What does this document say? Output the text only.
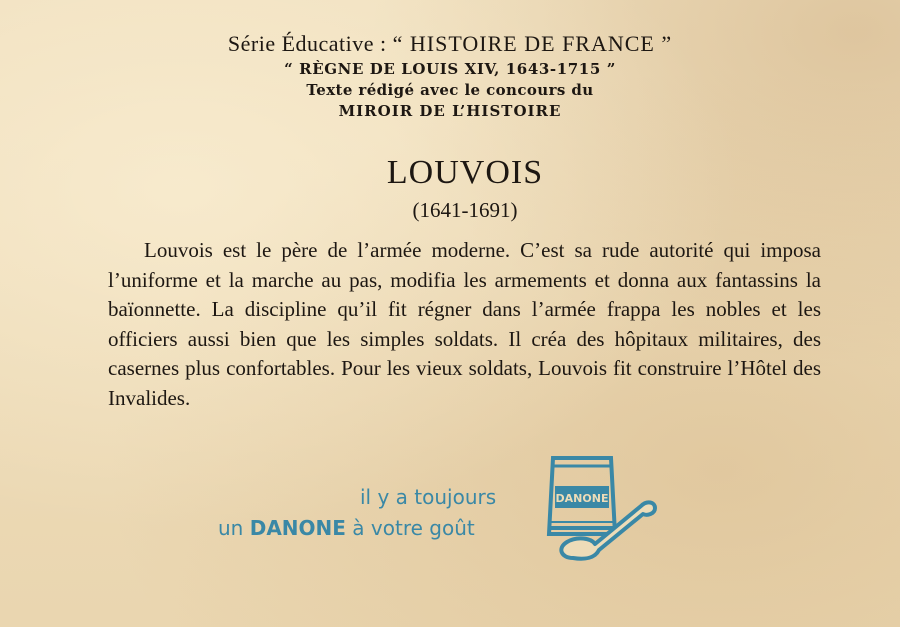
Série Éducative : “ HISTOIRE DE FRANCE ”
“ RÈGNE DE LOUIS XIV, 1643-1715 ”
Texte rédigé avec le concours du
MIROIR DE L’HISTOIRE
LOUVOIS
(1641-1691)
Louvois est le père de l’armée moderne. C’est sa rude autorité qui imposa l’uniforme et la marche au pas, modifia les armements et donna aux fantassins la baïonnette. La discipline qu’il fit régner dans l’armée frappa les nobles et les officiers aussi bien que les simples soldats. Il créa des hôpitaux militaires, des casernes plus confortables. Pour les vieux soldats, Louvois fit construire l’Hôtel des Invalides.
il y a toujours
un DANONE à votre goût
DANONE
